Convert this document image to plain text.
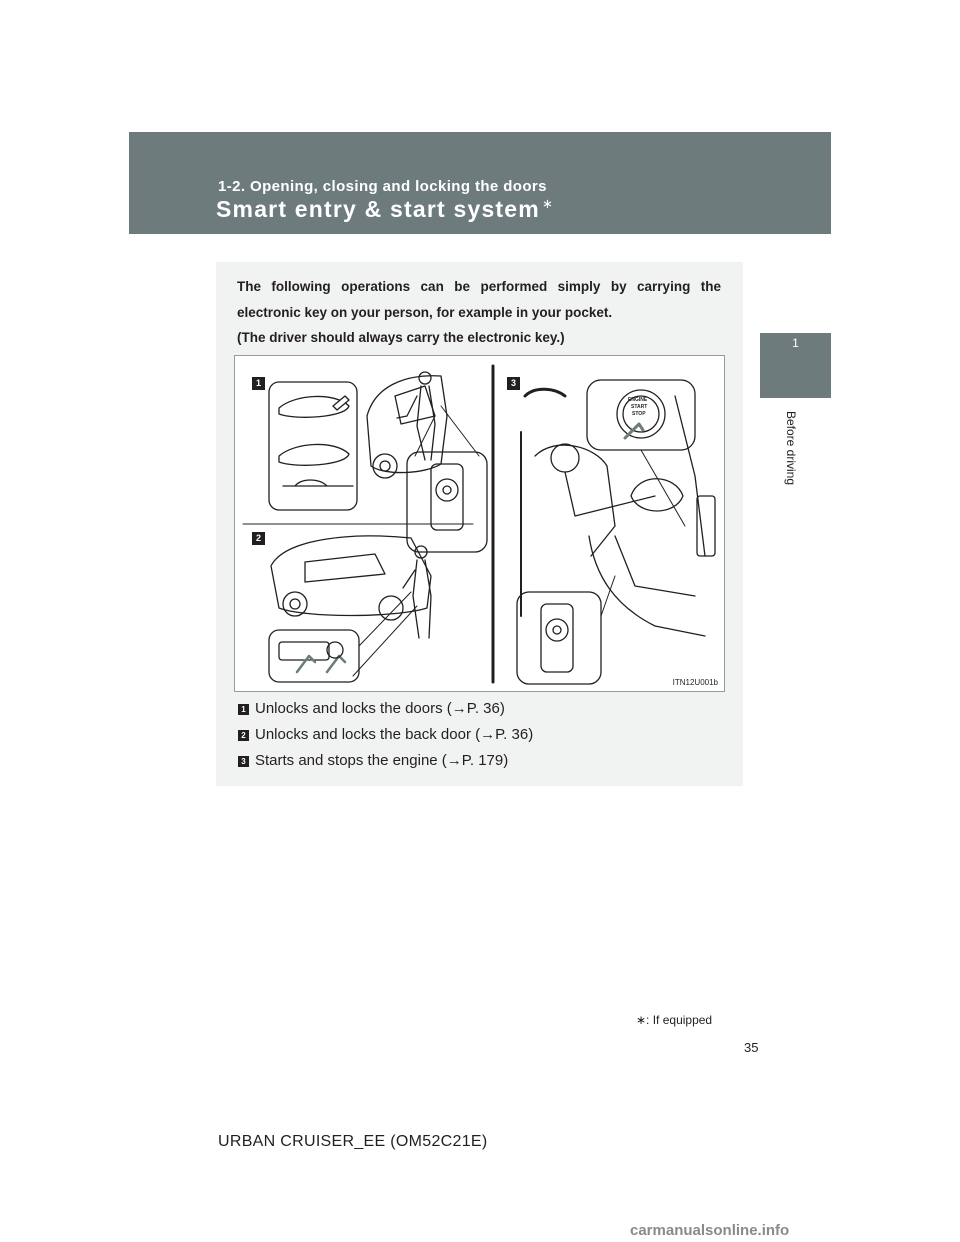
1-2. Opening, closing and locking the doors
Smart entry & start system ∗
1
Before driving

The following operations can be performed simply by carrying the

electronic key on your person, for example in your pocket.

(The driver should always carry the electronic key.)

ENGINE
START
STOP
1
2
3
ITN12U001b
1 Unlocks and locks the doors (→P. 36)
2 Unlocks and locks the back door (→P. 36)
3 Starts and stops the engine (→P. 179)
∗: If equipped
35
URBAN CRUISER_EE (OM52C21E)
carmanualsonline.info
